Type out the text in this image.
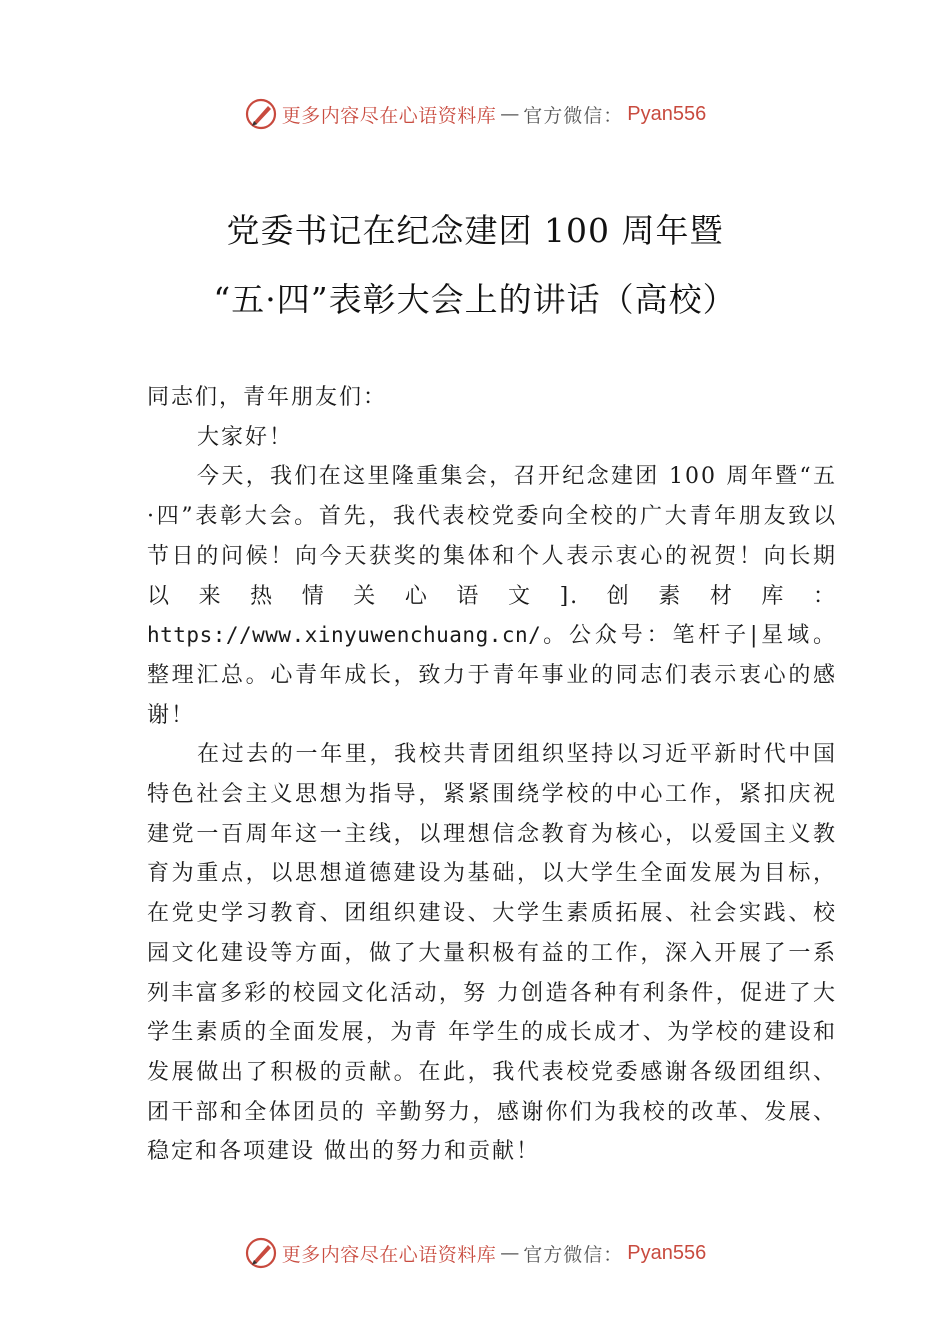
更多内容尽在心语资料库 — 官方微信： Pyan556
党委书记在纪念建团 100 周年暨
“五·四”表彰大会上的讲话（高校）

同志们，青年朋友们：

大家好！

今天，我们在这里隆重集会，召开纪念建团 100 周年暨“五·四”表彰大会。首先，我代表校党委向全校的广大青年朋友致以节日的问候！向今天获奖的集体和个人表示衷心的祝贺！向长期以来热情关心语文].创素材库：https://www.xinyuwenchuang.cn/。公众号：笔杆子|星域。整理汇总。心青年成长，致力于青年事业的同志们表示衷心的感谢！

在过去的一年里，我校共青团组织坚持以习近平新时代中国特色社会主义思想为指导，紧紧围绕学校的中心工作，紧扣庆祝建党一百周年这一主线，以理想信念教育为核心，以爱国主义教育为重点，以思想道德建设为基础，以大学生全面发展为目标，在党史学习教育、团组织建设、大学生素质拓展、社会实践、校园文化建设等方面，做了大量积极有益的工作，深入开展了一系列丰富多彩的校园文化活动，努 力创造各种有利条件，促进了大学生素质的全面发展，为青 年学生的成长成才、为学校的建设和发展做出了积极的贡献。在此，我代表校党委感谢各级团组织、团干部和全体团员的 辛勤努力，感谢你们为我校的改革、发展、稳定和各项建设 做出的努力和贡献！

更多内容尽在心语资料库 — 官方微信： Pyan556
